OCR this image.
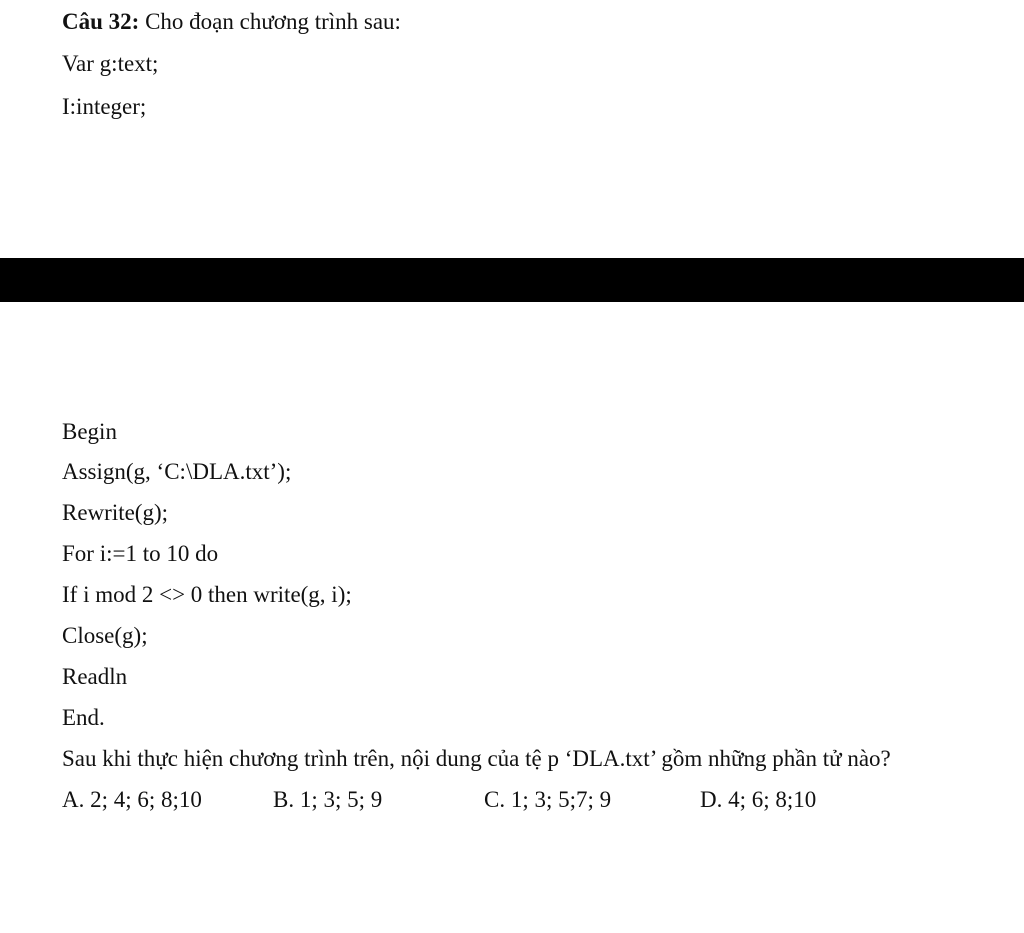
Câu 32: Cho đoạn chương trình sau:
Var g:text;
I:integer;
Begin
Assign(g, ‘C:\DLA.txt’);
Rewrite(g);
For i:=1 to 10 do
If i mod 2 <> 0 then write(g, i);
Close(g);
Readln
End.
Sau khi thực hiện chương trình trên, nội dung của tệ p ‘DLA.txt’ gồm những phần tử nào?
A. 2; 4; 6; 8;10	B. 1; 3; 5; 9	C. 1; 3; 5;7; 9	D. 4; 6; 8;10
